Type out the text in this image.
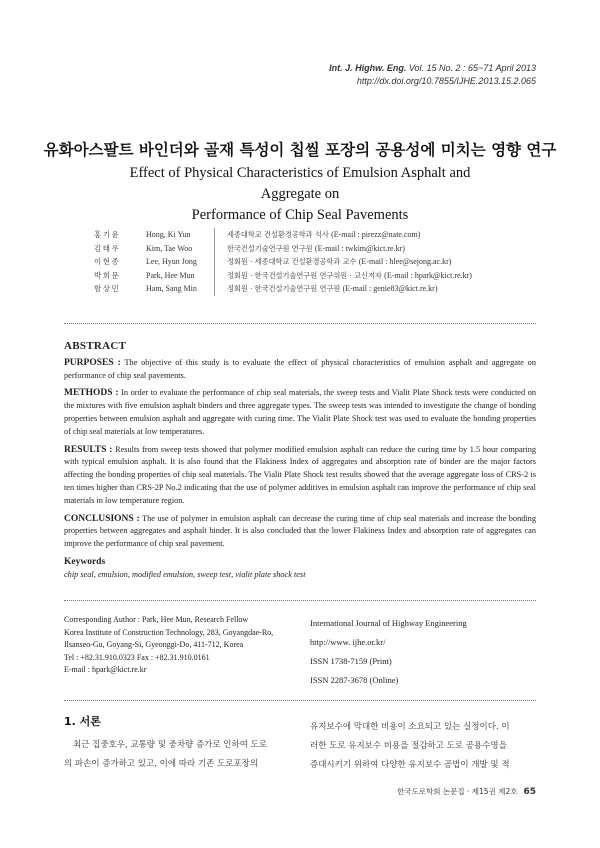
Int. J. Highw. Eng. Vol. 15 No. 2 : 65~71 April 2013
http://dx.doi.org/10.7855/IJHE.2013.15.2.065
유화아스팔트 바인더와 골재 특성이 칩씰 포장의 공용성에 미치는 영향 연구
Effect of Physical Characteristics of Emulsion Asphalt and Aggregate on
Performance of Chip Seal Pavements
홍기윤	Hong, Ki Yun	세종대학교 건설환경공학과 석사 (E-mail : pirezz@nate.com)
김태우	Kim, Tae Woo	한국건설기술연구원 연구원 (E-mail : twkim@kict.re.kr)
이현종	Lee, Hyun Jong	정회원 · 세종대학교 건설환경공학과 교수 (E-mail : hlee@sejong.ac.kr)
박희문	Park, Hee Mun	정회원 · 한국건설기술연구원 연구위원 · 교신저자 (E-mail : hpark@kict.re.kr)
함상민	Ham, Sang Min	정회원 · 한국건설기술연구원 연구원 (E-mail : genie83@kict.re.kr)
ABSTRACT

PURPOSES : The objective of this study is to evaluate the effect of physical characteristics of emulsion asphalt and aggregate on performance of chip seal pavements.

METHODS : In order to evaluate the performance of chip seal materials, the sweep tests and Vialit Plate Shock tests were conducted on the mixtures with five emulsion asphalt binders and three aggregate types. The sweep tests was intended to investigate the change of bonding properties between emulsion asphalt and aggregate with curing time. The Vialit Plate Shock test was used to evaluate the bonding properties of chip seal materials at low temperatures.

RESULTS : Results from sweep tests showed that polymer modified emulsion asphalt can reduce the curing time by 1.5 hour comparing with typical emulsion asphalt. It is also found that the Flakiness Index of aggregates and absorption rate of binder are the major factors affecting the bonding properties of chip seal materials. The Vialit Plate Shock test results showed that the average aggregate loss of CRS-2 is ten times higher than CRS-2P No.2 indicating that the use of polymer additives in emulsion asphalt can improve the performance of chip seal materials in low temperature region.

CONCLUSIONS : The use of polymer in emulsion asphalt can decrease the curing time of chip seal materials and increase the bonding properties between aggregates and asphalt binder. It is also concluded that the lower Flakiness Index and absorption rate of aggregates can improve the performance of chip seal pavement.

Keywords
chip seal, emulsion, modified emulsion, sweep test, vialit plate shock test
Corresponding Author : Park, Hee Mun, Research Fellow
Korea Institute of Construction Technology, 283, Goyangdae-Ro,
Ilsanseo-Gu, Goyang-Si, Gyeonggi-Do, 411-712, Korea
Tel : +82.31.910.0323 Fax : +82.31.910.0161
E-mail : hpark@kict.re.kr
International Journal of Highway Engineering
http://www. ijhe.or.kr/
ISSN 1738-7159 (Print)
ISSN 2287-3678 (Online)
1. 서론
최근 집중호우, 교통량 및 중차량 증가로 인하여 도로
의 파손이 증가하고 있고, 이에 따라 기존 도로포장의
유지보수에 막대한 비용이 소요되고 있는 실정이다. 이
러한 도로 유지보수 비용을 절감하고 도로 공용수명을
증대시키기 위하여 다양한 유지보수 공법이 개발 및 적
한국도로학회 논문집 · 제15권 제2호 65
